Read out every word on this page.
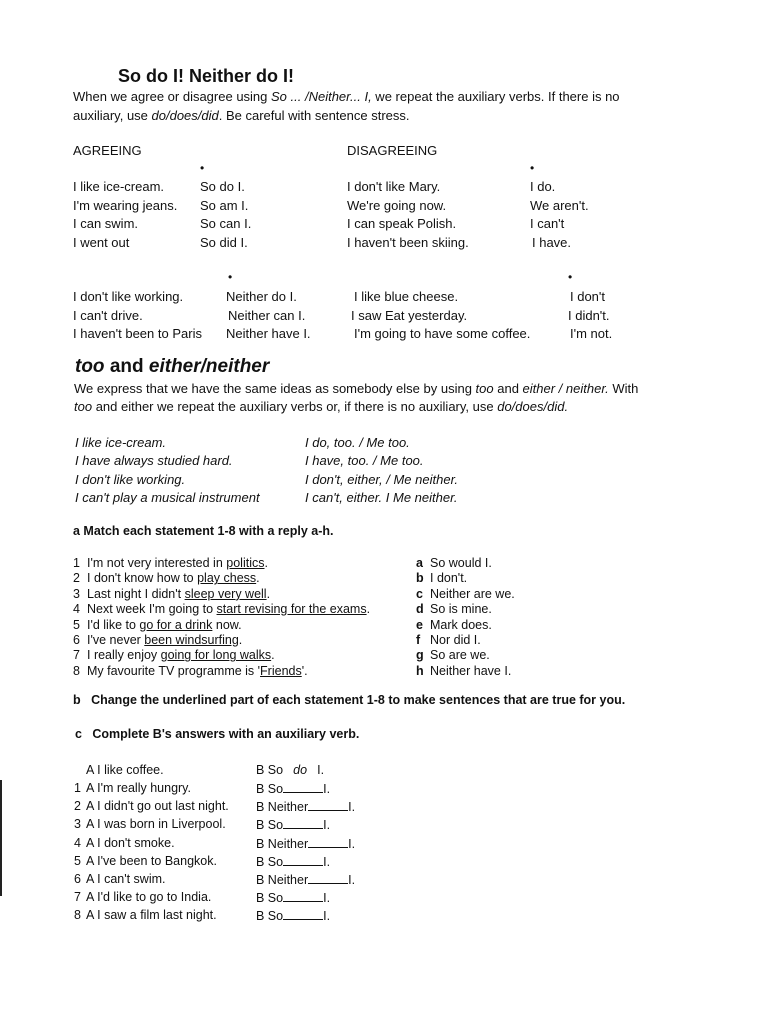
So do I! Neither do I!
When we agree or disagree using So ... /Neither... I, we repeat the auxiliary verbs. If there is no
auxiliary, use do/does/did. Be careful with sentence stress.
AGREEING	DISAGREEING
•	•
I like ice-cream.	So do I.
I'm wearing jeans. So am I.
I can swim.	So can I.
I went out	So did I.
I don't like Mary.	I do.
We're going now.	We aren't.
I can speak Polish.	I can't
I haven't been skiing.	I have.
•	•
I don't like working.	Neither do I.
I can't drive.	Neither can I.
I haven't been to Paris Neither have I.
I like blue cheese.	I don't
I saw Eat yesterday.	I didn't.
I'm going to have some coffee.	I'm not.
too and either/neither
We express that we have the same ideas as somebody else by using too and either / neither. With
too and either we repeat the auxiliary verbs or, if there is no auxiliary, use do/does/did.
I like ice-cream.	I do, too. / Me too.
I have always studied hard.	I have, too. / Me too.
I don't like working.	I don't, either, / Me neither.
I can't play a musical instrument	I can't, either. I Me neither.
a Match each statement 1-8 with a reply a-h.
1 I'm not very interested in politics.
2 I don't know how to play chess.
3 Last night I didn't sleep very well.
4 Next week I'm going to start revising for the exams.
5 I'd like to go for a drink now.
6 I've never been windsurfing.
7 I really enjoy going for long walks.
8 My favourite TV programme is 'Friends'.
a So would I.
b I don't.
c Neither are we.
d So is mine.
e Mark does.
f Nor did I.
g So are we.
h Neither have I.
b Change the underlined part of each statement 1-8 to make sentences that are true for you.
c Complete B's answers with an auxiliary verb.
A I like coffee.	B So do I.
1 A I'm really hungry.	B So	I.
2 A I didn't go out last night. B Neither	I.
3 A I was born in Liverpool. B So	I.
4 A I don't smoke.	B Neither	I.
5 A I've been to Bangkok.	B So	I.
6 A I can't swim.	B Neither	I.
7 A I'd like to go to India.	B So	I.
8 A I saw a film last night.	B So	I.
